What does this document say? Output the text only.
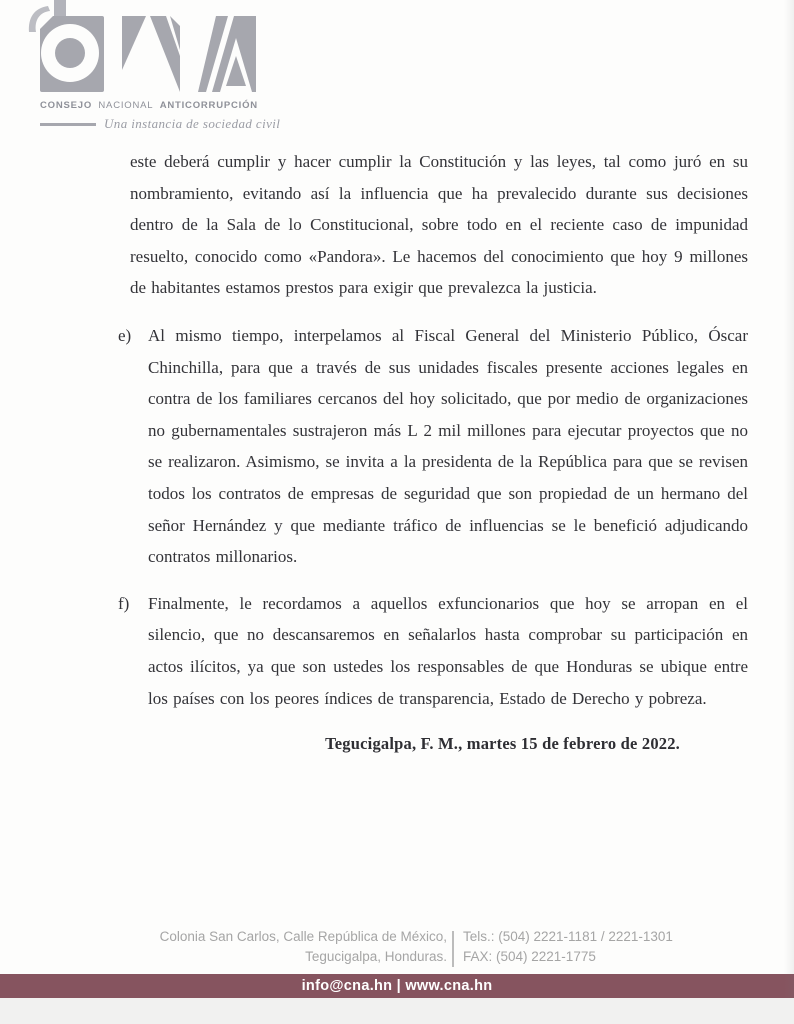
CONSEJO NACIONAL ANTICORRUPCIÓN
Una instancia de sociedad civil

este deberá cumplir y hacer cumplir la Constitución y las leyes, tal como juró en su nombramiento, evitando así la influencia que ha prevalecido durante sus decisiones dentro de la Sala de lo Constitucional, sobre todo en el reciente caso de impunidad resuelto, conocido como «Pandora». Le hacemos del conocimiento que hoy 9 millones de habitantes estamos prestos para exigir que prevalezca la justicia.

e) Al mismo tiempo, interpelamos al Fiscal General del Ministerio Público, Óscar Chinchilla, para que a través de sus unidades fiscales presente acciones legales en contra de los familiares cercanos del hoy solicitado, que por medio de organizaciones no gubernamentales sustrajeron más L 2 mil millones para ejecutar proyectos que no se realizaron. Asimismo, se invita a la presidenta de la República para que se revisen todos los contratos de empresas de seguridad que son propiedad de un hermano del señor Hernández y que mediante tráfico de influencias se le benefició adjudicando contratos millonarios.
f)	Finalmente, le recordamos a aquellos exfuncionarios que hoy se arropan en el silencio, que no descansaremos en señalarlos hasta comprobar su participación en actos ilícitos, ya que son ustedes los responsables de que Honduras se ubique entre los países con los peores índices de transparencia, Estado de Derecho y pobreza.
Tegucigalpa, F. M., martes 15 de febrero de 2022.
Colonia San Carlos, Calle República de México,
Tegucigalpa, Honduras.
Tels.: (504) 2221-1181 / 2221-1301
FAX: (504) 2221-1775
info@cna.hn | www.cna.hn
